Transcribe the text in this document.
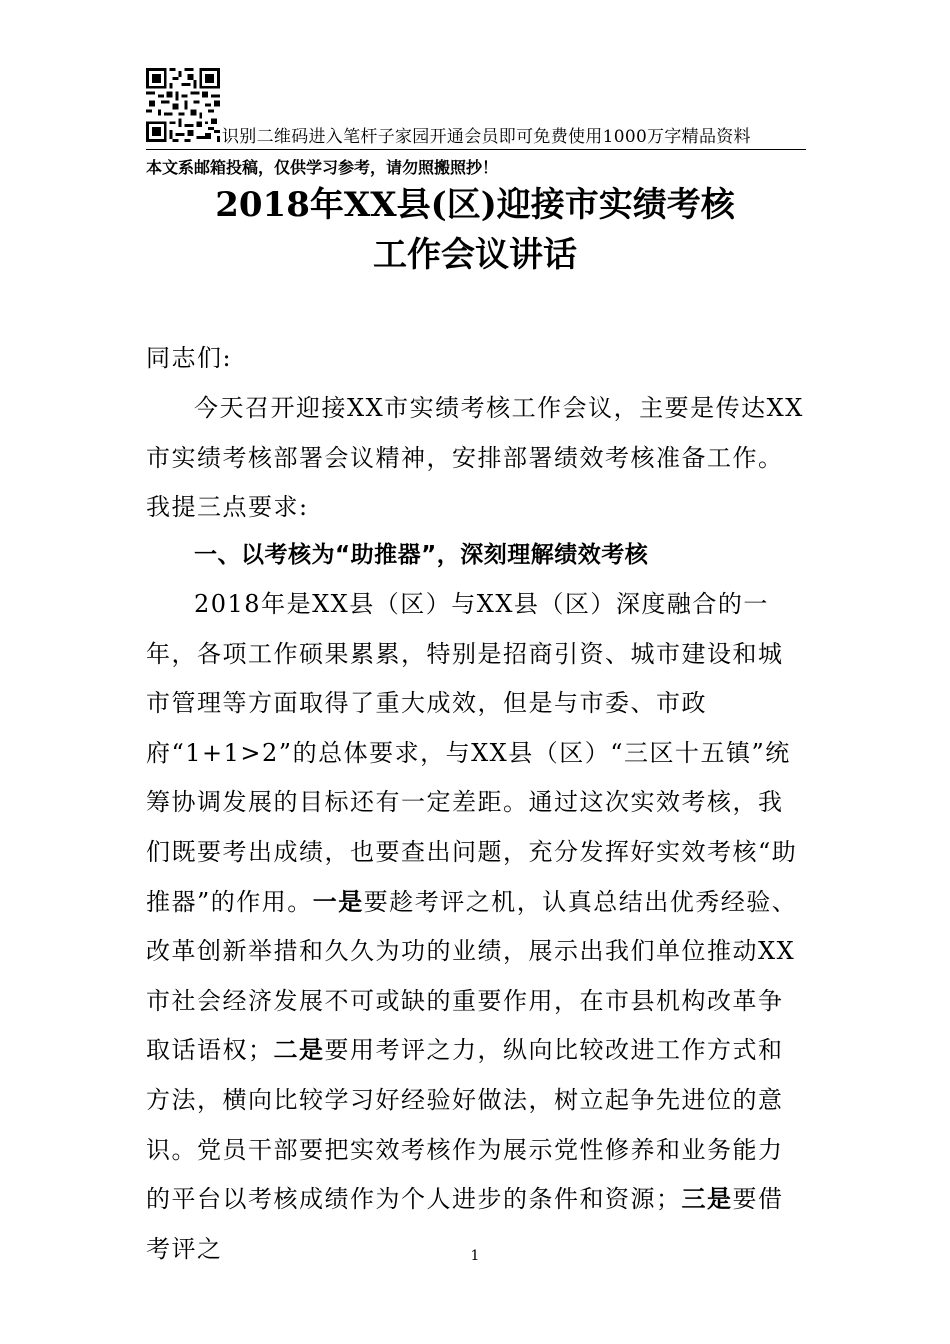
识别二维码进入笔杆子家园开通会员即可免费使用1000万字精品资料
本文系邮箱投稿，仅供学习参考，请勿照搬照抄！
2018年XX县(区)迎接市实绩考核
工作会议讲话
同志们:
今天召开迎接XX市实绩考核工作会议，主要是传达XX市实绩考核部署会议精神，安排部署绩效考核准备工作。我提三点要求:
一、以考核为“助推器”，深刻理解绩效考核
2018年是XX县（区）与XX县（区）深度融合的一年，各项工作硕果累累，特别是招商引资、城市建设和城市管理等方面取得了重大成效，但是与市委、市政府“1+1>2”的总体要求，与XX县（区）“三区十五镇”统筹协调发展的目标还有一定差距。通过这次实效考核，我们既要考出成绩，也要查出问题，充分发挥好实效考核“助推器”的作用。一是要趁考评之机，认真总结出优秀经验、改革创新举措和久久为功的业绩，展示出我们单位推动XX市社会经济发展不可或缺的重要作用，在市县机构改革争取话语权；二是要用考评之力，纵向比较改进工作方式和方法，横向比较学习好经验好做法，树立起争先进位的意识。党员干部要把实效考核作为展示党性修养和业务能力的平台以考核成绩作为个人进步的条件和资源；三是要借考评之	1
